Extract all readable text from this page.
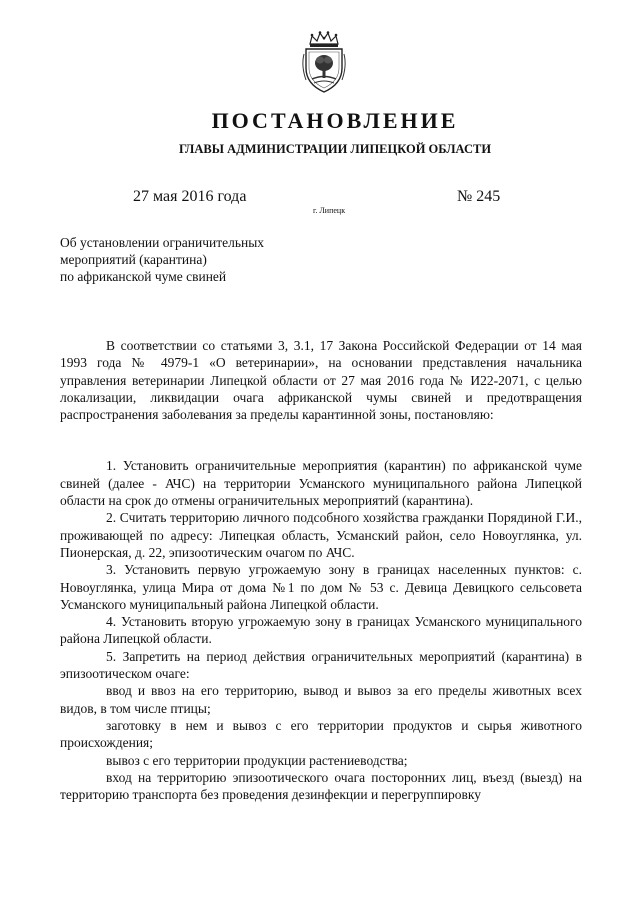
ПОСТАНОВЛЕНИЕ
ГЛАВЫ АДМИНИСТРАЦИИ ЛИПЕЦКОЙ ОБЛАСТИ
27 мая 2016 года
г. Липецк
№ 245
Об установлении ограничительных
мероприятий (карантина)
по африканской чуме свиней

В соответствии со статьями 3, 3.1, 17 Закона Российской Федерации от 14 мая 1993 года № 4979-1 «О ветеринарии», на основании представления начальника управления ветеринарии Липецкой области от 27 мая 2016 года № И22-2071, с целью локализации, ликвидации очага африканской чумы свиней и предотвращения распространения заболевания за пределы карантинной зоны, постановляю:

1. Установить ограничительные мероприятия (карантин) по африканской чуме свиней (далее - АЧС) на территории Усманского муниципального района Липецкой области на срок до отмены ограничительных мероприятий (карантина).

2. Считать территорию личного подсобного хозяйства гражданки Порядиной Г.И., проживающей по адресу: Липецкая область, Усманский район, село Новоуглянка, ул. Пионерская, д. 22, эпизоотическим очагом по АЧС.

3. Установить первую угрожаемую зону в границах населенных пунктов: с. Новоуглянка, улица Мира от дома №1 по дом № 53 с. Девица Девицкого сельсовета Усманского муниципальный района Липецкой области.

4. Установить вторую угрожаемую зону в границах Усманского муниципального района Липецкой области.

5. Запретить на период действия ограничительных мероприятий (карантина) в эпизоотическом очаге:

ввод и ввоз на его территорию, вывод и вывоз за его пределы животных всех видов, в том числе птицы;

заготовку в нем и вывоз с его территории продуктов и сырья животного происхождения;

вывоз с его территории продукции растениеводства;

вход на территорию эпизоотического очага посторонних лиц, въезд (выезд) на территорию транспорта без проведения дезинфекции и перегруппировку
